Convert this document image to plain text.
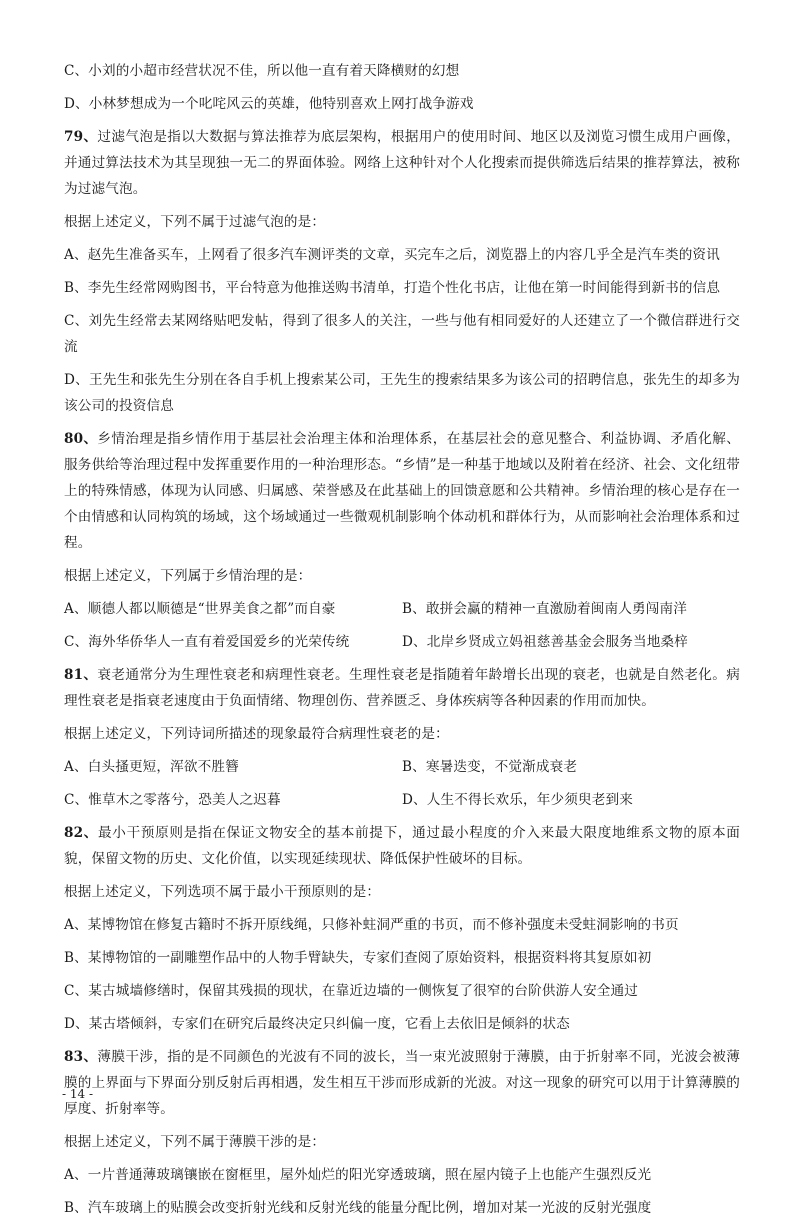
C、小刘的小超市经营状况不佳，所以他一直有着天降横财的幻想

D、小林梦想成为一个叱咤风云的英雄，他特别喜欢上网打战争游戏

79、过滤气泡是指以大数据与算法推荐为底层架构，根据用户的使用时间、地区以及浏览习惯生成用户画像，并通过算法技术为其呈现独一无二的界面体验。网络上这种针对个人化搜索而提供筛选后结果的推荐算法，被称为过滤气泡。

根据上述定义，下列不属于过滤气泡的是：

A、赵先生准备买车，上网看了很多汽车测评类的文章，买完车之后，浏览器上的内容几乎全是汽车类的资讯

B、李先生经常网购图书，平台特意为他推送购书清单，打造个性化书店，让他在第一时间能得到新书的信息

C、刘先生经常去某网络贴吧发帖，得到了很多人的关注，一些与他有相同爱好的人还建立了一个微信群进行交流

D、王先生和张先生分别在各自手机上搜索某公司，王先生的搜索结果多为该公司的招聘信息，张先生的却多为该公司的投资信息

80、乡情治理是指乡情作用于基层社会治理主体和治理体系，在基层社会的意见整合、利益协调、矛盾化解、服务供给等治理过程中发挥重要作用的一种治理形态。“乡情”是一种基于地域以及附着在经济、社会、文化纽带上的特殊情感，体现为认同感、归属感、荣誉感及在此基础上的回馈意愿和公共精神。乡情治理的核心是存在一个由情感和认同构筑的场域，这个场域通过一些微观机制影响个体动机和群体行为，从而影响社会治理体系和过程。

根据上述定义，下列属于乡情治理的是：

A、顺德人都以顺德是“世界美食之都”而自豪	B、敢拼会赢的精神一直激励着闽南人勇闯南洋

C、海外华侨华人一直有着爱国爱乡的光荣传统	D、北岸乡贤成立妈祖慈善基金会服务当地桑梓

81、衰老通常分为生理性衰老和病理性衰老。生理性衰老是指随着年龄增长出现的衰老，也就是自然老化。病理性衰老是指衰老速度由于负面情绪、物理创伤、营养匮乏、身体疾病等各种因素的作用而加快。

根据上述定义，下列诗词所描述的现象最符合病理性衰老的是：

A、白头搔更短，浑欲不胜簪	B、寒暑迭变，不觉渐成衰老

C、惟草木之零落兮，恐美人之迟暮	D、人生不得长欢乐，年少须臾老到来

82、最小干预原则是指在保证文物安全的基本前提下，通过最小程度的介入来最大限度地维系文物的原本面貌，保留文物的历史、文化价值，以实现延续现状、降低保护性破坏的目标。

根据上述定义，下列选项不属于最小干预原则的是：

A、某博物馆在修复古籍时不拆开原线绳，只修补蛀洞严重的书页，而不修补强度未受蛀洞影响的书页

B、某博物馆的一副雕塑作品中的人物手臂缺失，专家们查阅了原始资料，根据资料将其复原如初

C、某古城墙修缮时，保留其残损的现状，在靠近边墙的一侧恢复了很窄的台阶供游人安全通过

D、某古塔倾斜，专家们在研究后最终决定只纠偏一度，它看上去依旧是倾斜的状态

83、薄膜干涉，指的是不同颜色的光波有不同的波长，当一束光波照射于薄膜，由于折射率不同，光波会被薄膜的上界面与下界面分别反射后再相遇，发生相互干涉而形成新的光波。对这一现象的研究可以用于计算薄膜的厚度、折射率等。

根据上述定义，下列不属于薄膜干涉的是：

A、一片普通薄玻璃镶嵌在窗框里，屋外灿烂的阳光穿透玻璃，照在屋内镜子上也能产生强烈反光

B、汽车玻璃上的贴膜会改变折射光线和反射光线的能量分配比例，增加对某一光波的反射光强度

- 14 -
